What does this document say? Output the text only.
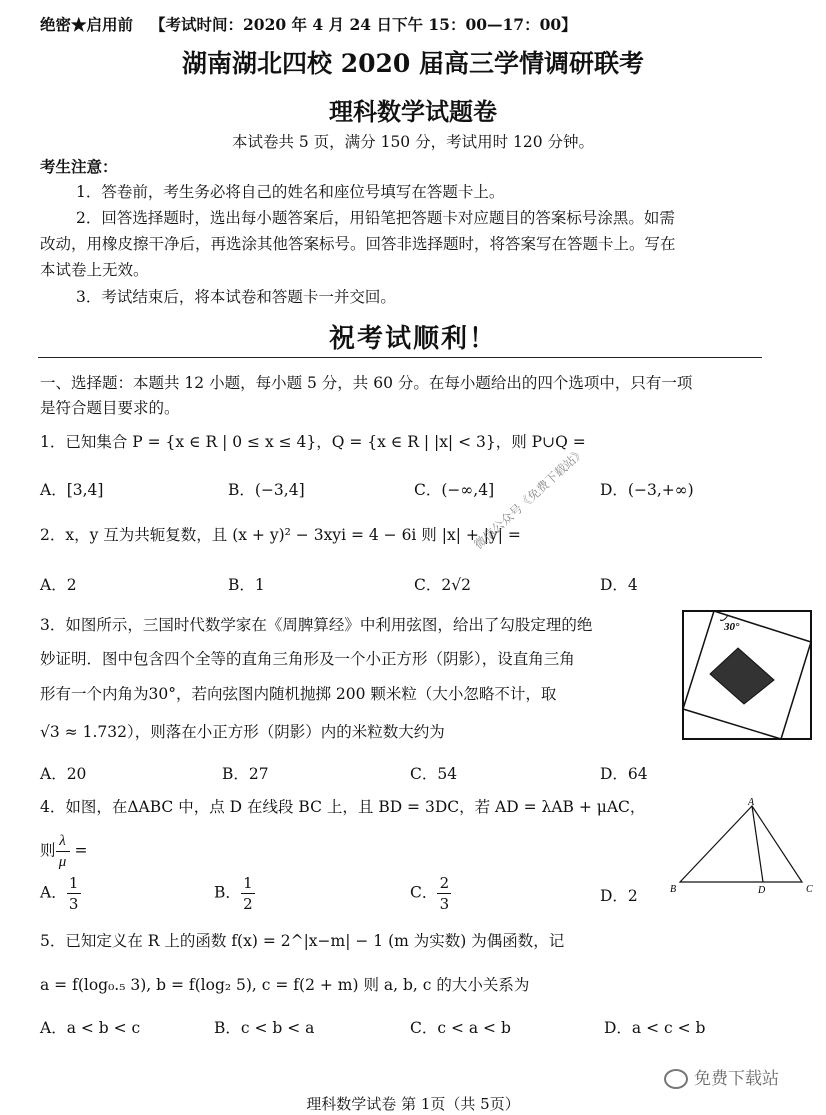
绝密★启用前 【考试时间：2020 年 4 月 24 日下午 15：00—17：00】
湖南湖北四校 2020 届高三学情调研联考
理科数学试题卷
本试卷共 5 页，满分 150 分，考试用时 120 分钟。
考生注意：
1．答卷前，考生务必将自己的姓名和座位号填写在答题卡上。
2．回答选择题时，选出每小题答案后，用铅笔把答题卡对应题目的答案标号涂黑。如需
改动，用橡皮擦干净后，再选涂其他答案标号。回答非选择题时，将答案写在答题卡上。写在
本试卷上无效。
3．考试结束后，将本试卷和答题卡一并交回。
祝考试顺利！
一、选择题：本题共 12 小题，每小题 5 分，共 60 分。在每小题给出的四个选项中，只有一项
是符合题目要求的。
1．已知集合 P = {x ∈ R | 0 ≤ x ≤ 4}，Q = {x ∈ R | |x| < 3}，则 P∪Q =
A．[3,4]	B．(−3,4]	C．(−∞,4]	D．(−3,+∞)
2．x，y 互为共轭复数，且 (x + y)² − 3xyi = 4 − 6i 则 |x| + |y| =
A．2	B．1	C．2√2	D．4
微信公众号《免费下载站》
3．如图所示，三国时代数学家在《周脾算经》中利用弦图，给出了勾股定理的绝
妙证明．图中包含四个全等的直角三角形及一个小正方形（阴影），设直角三角
形有一个内角为30°，若向弦图内随机抛掷 200 颗米粒（大小忽略不计，取
√3 ≈ 1.732），则落在小正方形（阴影）内的米粒数大约为
30°
A．20	B．27	C．54	D．64
4．如图，在ΔABC 中，点 D 在线段 BC 上，且 BD = 3DC，若 AD = λAB + μAC，
则 $\frac{\lambda}{\mu}$ =
A
B	C
D
A． $\frac{1}{3}$	B． $\frac{1}{2}$	C． $\frac{2}{3}$	D．2
5．已知定义在 R 上的函数 f(x) = 2^|x−m| − 1 (m 为实数) 为偶函数，记
a = f(log₀.₅ 3), b = f(log₂ 5), c = f(2 + m) 则 a, b, c 的大小关系为
A．a < b < c	B．c < b < a	C．c < a < b	D．a < c < b
免费下载站
理科数学试卷 第 1页（共 5页）
